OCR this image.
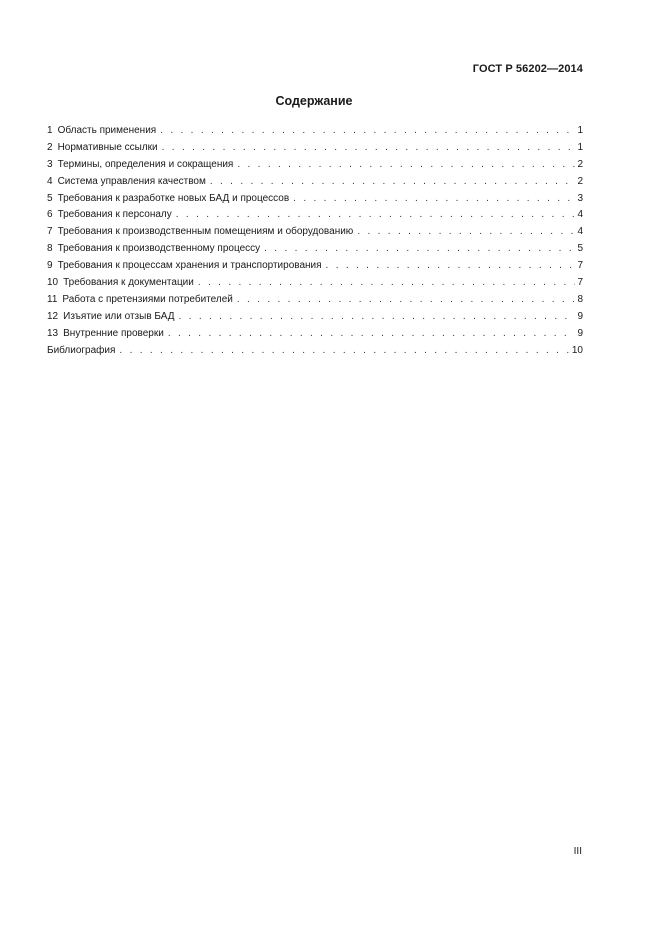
ГОСТ Р 56202—2014
Содержание
1 Область применения . . .	1
2 Нормативные ссылки . . .	1
3 Термины, определения и сокращения . . .	2
4 Система управления качеством . . .	2
5 Требования к разработке новых БАД и процессов . . .	3
6 Требования к персоналу . . .	4
7 Требования к производственным помещениям и оборудованию . . .	4
8 Требования к производственному процессу . . .	5
9 Требования к процессам хранения и транспортирования . . .	7
10 Требования к документации . . .	7
11 Работа с претензиями потребителей . . .	8
12 Изъятие или отзыв БАД . . .	9
13 Внутренние проверки . . .	9
Библиография . . .	10
III
